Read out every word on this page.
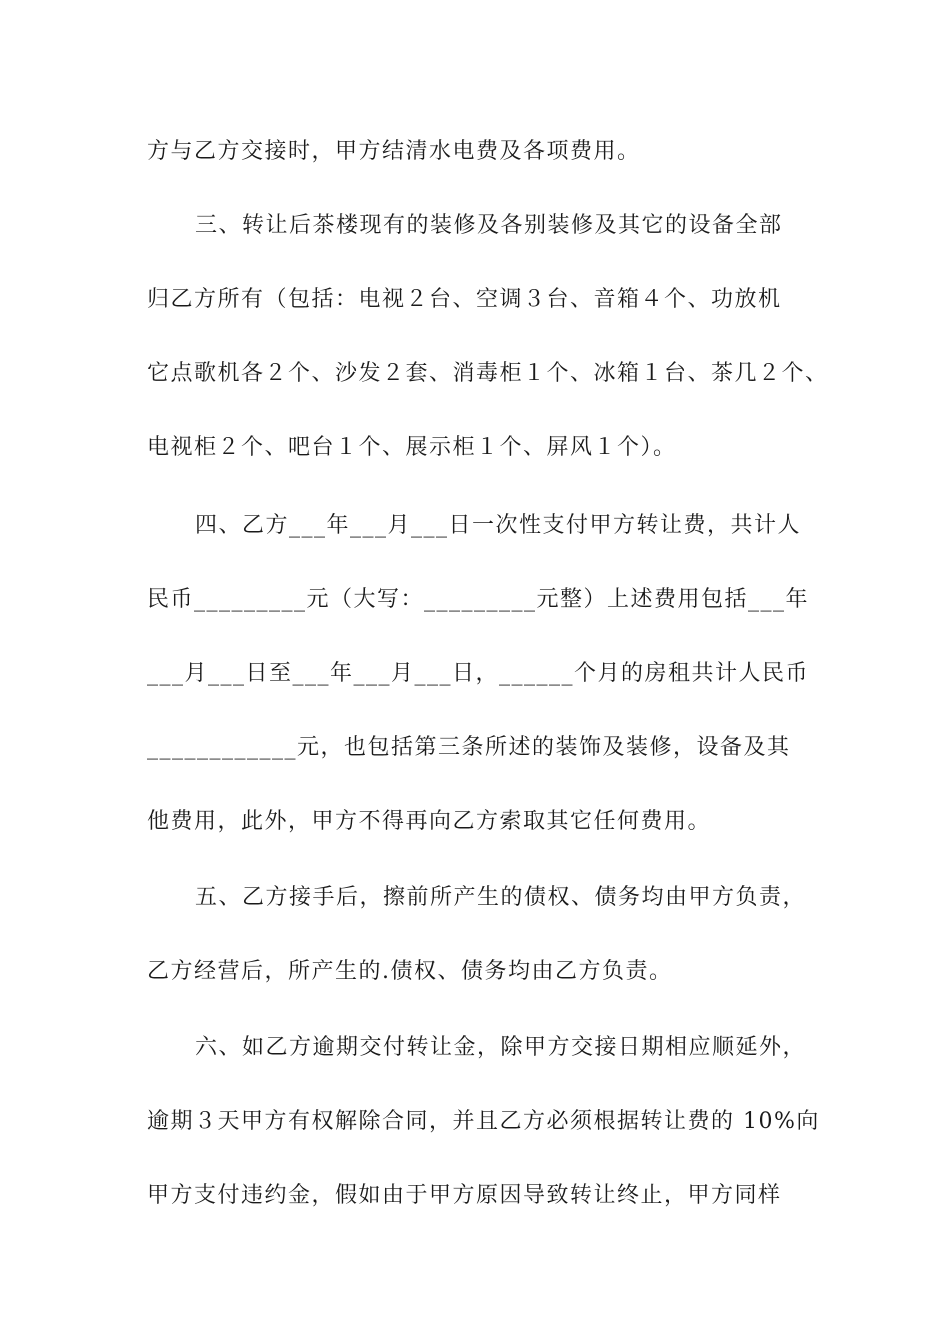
方与乙方交接时，甲方结清水电费及各项费用。
三、转让后茶楼现有的装修及各别装修及其它的设备全部
归乙方所有（包括：电视２台、空调３台、音箱４个、功放机
它点歌机各２个、沙发２套、消毒柜１个、冰箱１台、茶几２个、
电视柜２个、吧台１个、展示柜１个、屏风１个）。
四、乙方___年___月___日一次性支付甲方转让费，共计人
民币_________元（大写：_________元整）上述费用包括___年
___月___日至___年___月___日，______个月的房租共计人民币
____________元，也包括第三条所述的装饰及装修，设备及其
他费用，此外，甲方不得再向乙方索取其它任何费用。
五、乙方接手后，擦前所产生的债权、债务均由甲方负责，
乙方经营后，所产生的.债权、债务均由乙方负责。
六、如乙方逾期交付转让金，除甲方交接日期相应顺延外，
逾期３天甲方有权解除合同，并且乙方必须根据转让费的 10%向
甲方支付违约金，假如由于甲方原因导致转让终止，甲方同样
